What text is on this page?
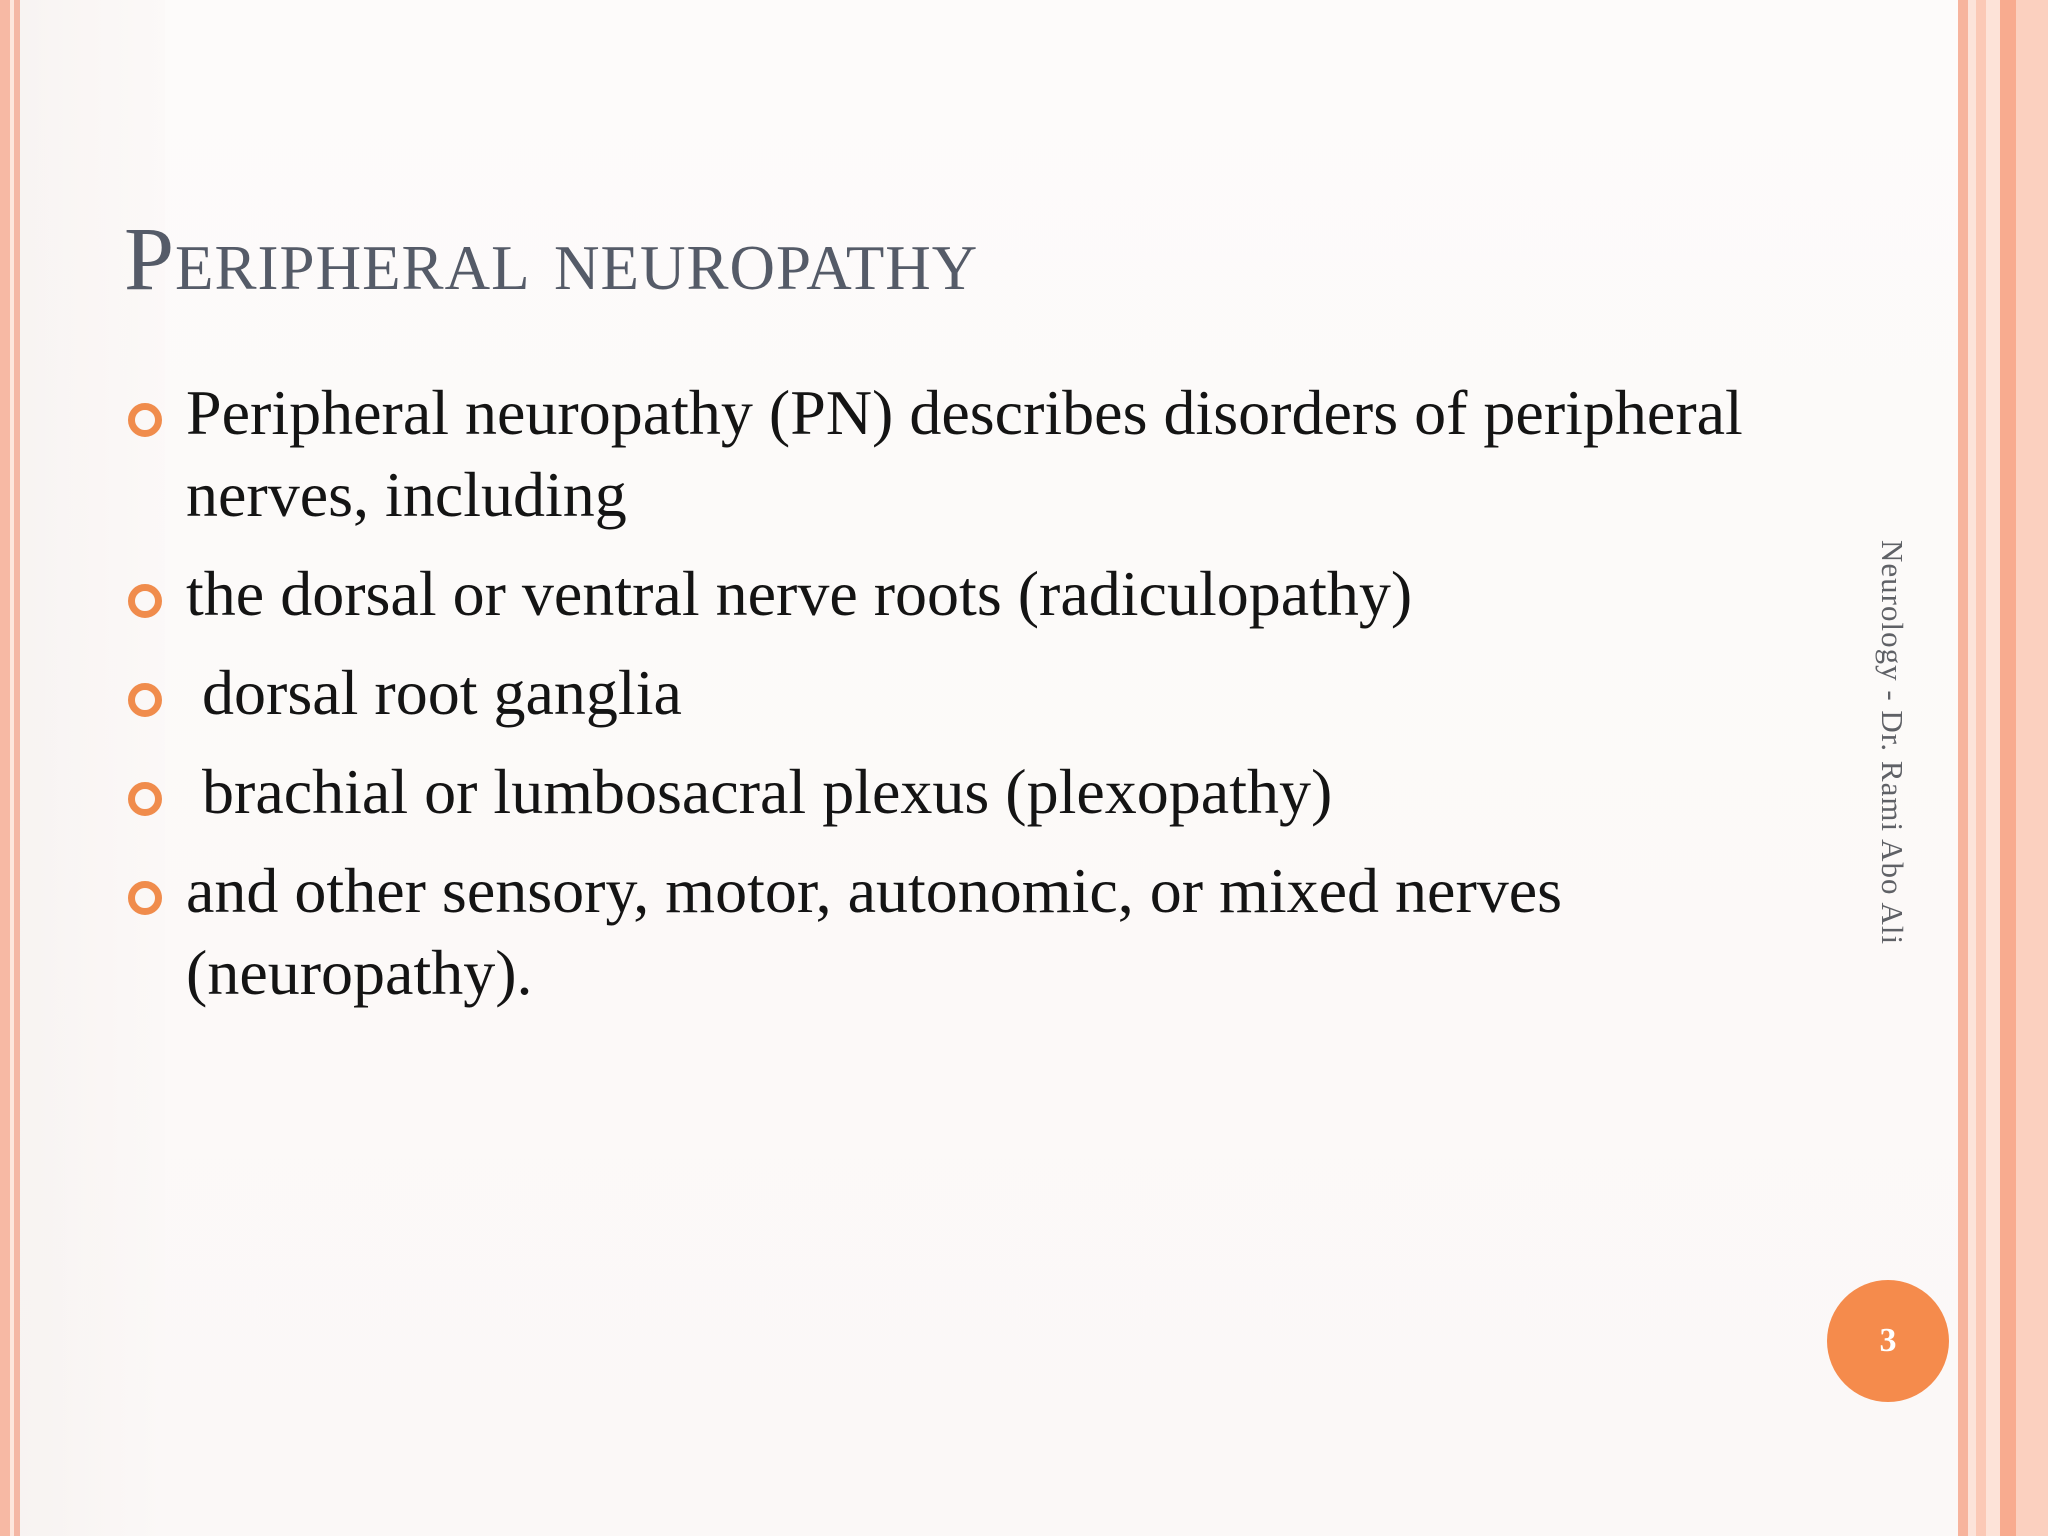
Peripheral neuropathy
Peripheral neuropathy (PN) describes disorders of peripheral nerves, including
the dorsal or ventral nerve roots (radiculopathy)
dorsal root ganglia
brachial or lumbosacral plexus (plexopathy)
and other sensory, motor, autonomic, or mixed nerves (neuropathy).
Neurology - Dr. Rami Abo Ali
3
